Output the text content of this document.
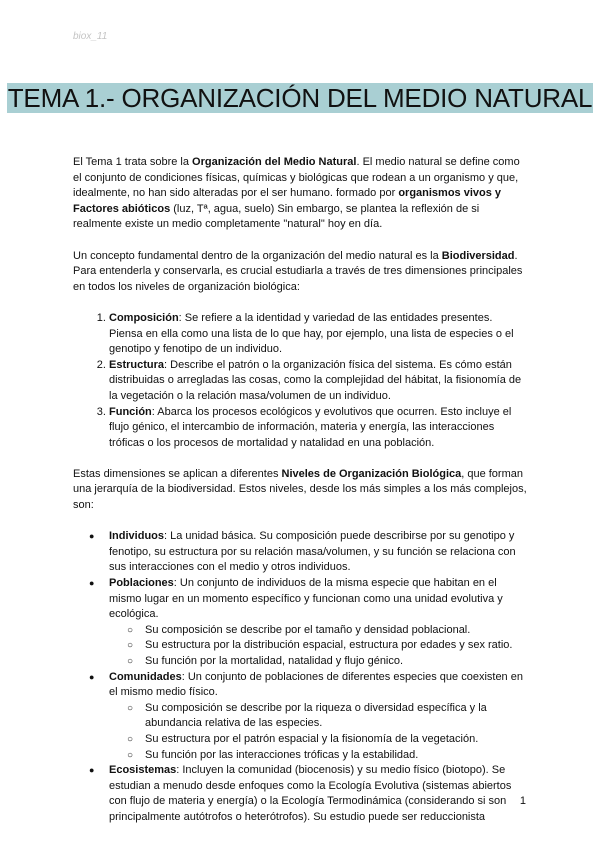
biox_11
TEMA 1.- ORGANIZACIÓN DEL MEDIO NATURAL

El Tema 1 trata sobre la Organización del Medio Natural. El medio natural se define como el conjunto de condiciones físicas, químicas y biológicas que rodean a un organismo y que, idealmente, no han sido alteradas por el ser humano. formado por organismos vivos y Factores abióticos (luz, Tª, agua, suelo) Sin embargo, se plantea la reflexión de si realmente existe un medio completamente "natural" hoy en día.

Un concepto fundamental dentro de la organización del medio natural es la Biodiversidad. Para entenderla y conservarla, es crucial estudiarla a través de tres dimensiones principales en todos los niveles de organización biológica:

1. Composición: Se refiere a la identidad y variedad de las entidades presentes. Piensa en ella como una lista de lo que hay, por ejemplo, una lista de especies o el genotipo y fenotipo de un individuo.
2. Estructura: Describe el patrón o la organización física del sistema. Es cómo están distribuidas o arregladas las cosas, como la complejidad del hábitat, la fisionomía de la vegetación o la relación masa/volumen de un individuo.
3. Función: Abarca los procesos ecológicos y evolutivos que ocurren. Esto incluye el flujo génico, el intercambio de información, materia y energía, las interacciones tróficas o los procesos de mortalidad y natalidad en una población.

Estas dimensiones se aplican a diferentes Niveles de Organización Biológica, que forman una jerarquía de la biodiversidad. Estos niveles, desde los más simples a los más complejos, son:

● Individuos: La unidad básica. Su composición puede describirse por su genotipo y fenotipo, su estructura por su relación masa/volumen, y su función se relaciona con sus interacciones con el medio y otros individuos.
● Poblaciones: Un conjunto de individuos de la misma especie que habitan en el mismo lugar en un momento específico y funcionan como una unidad evolutiva y ecológica.
○ Su composición se describe por el tamaño y densidad poblacional.
○ Su estructura por la distribución espacial, estructura por edades y sex ratio.
○ Su función por la mortalidad, natalidad y flujo génico.
● Comunidades: Un conjunto de poblaciones de diferentes especies que coexisten en el mismo medio físico.
○ Su composición se describe por la riqueza o diversidad específica y la abundancia relativa de las especies.
○ Su estructura por el patrón espacial y la fisionomía de la vegetación.
○ Su función por las interacciones tróficas y la estabilidad.
● Ecosistemas: Incluyen la comunidad (biocenosis) y su medio físico (biotopo). Se estudian a menudo desde enfoques como la Ecología Evolutiva (sistemas abiertos con flujo de materia y energía) o la Ecología Termodinámica (considerando si son principalmente autótrofos o heterótrofos). Su estudio puede ser reduccionista
1
